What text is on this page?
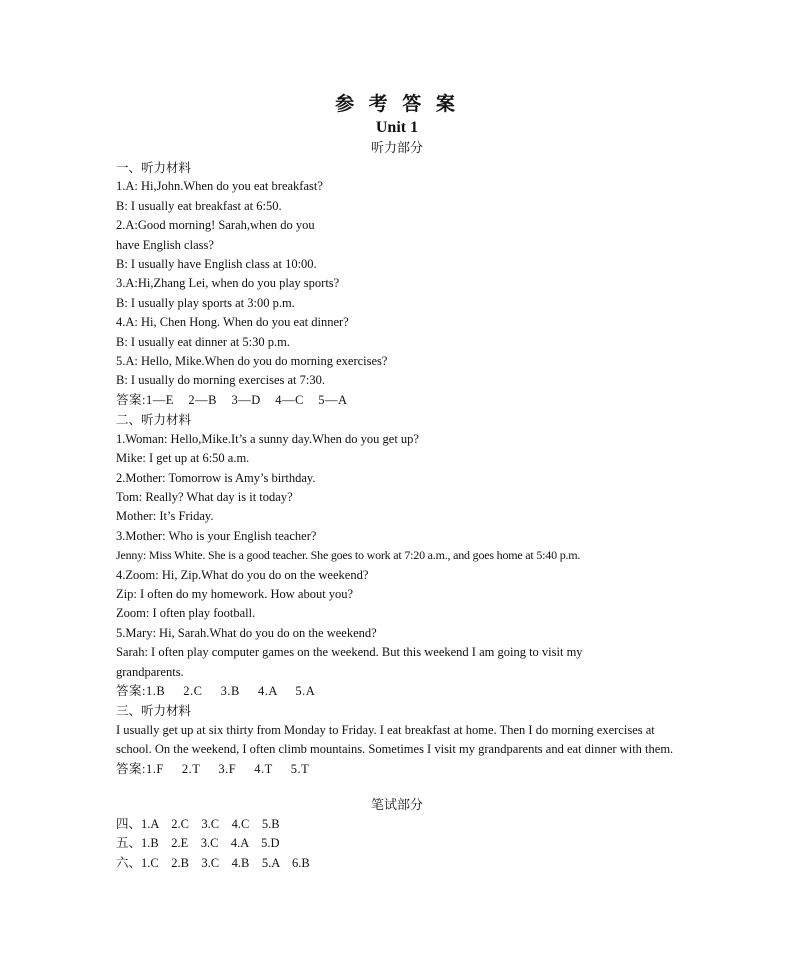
参 考 答 案
Unit 1
听力部分
一、听力材料
1.A: Hi,John.When do you eat breakfast?
B: I usually eat breakfast at 6:50.
2.A:Good morning! Sarah,when do you
have English class?
B: I usually have English class at 10:00.
3.A:Hi,Zhang Lei, when do you play sports?
B: I usually play sports at 3:00 p.m.
4.A: Hi, Chen Hong. When do you eat dinner?
B: I usually eat dinner at 5:30 p.m.
5.A: Hello, Mike.When do you do morning exercises?
B: I usually do morning exercises at 7:30.
答案:1—E    2—B    3—D    4—C    5—A
二、听力材料
1.Woman: Hello,Mike.It’s a sunny day.When do you get up?
Mike: I get up at 6:50 a.m.
2.Mother: Tomorrow is Amy’s birthday.
Tom: Really? What day is it today?
Mother: It’s Friday.
3.Mother: Who is your English teacher?
Jenny: Miss White. She is a good teacher. She goes to work at 7:20 a.m., and goes home at 5:40 p.m.
4.Zoom: Hi, Zip.What do you do on the weekend?
Zip: I often do my homework. How about you?
Zoom: I often play football.
5.Mary: Hi, Sarah.What do you do on the weekend?
Sarah: I often play computer games on the weekend. But this weekend I am going to visit my grandparents.
答案:1.B     2.C     3.B     4.A     5.A
三、听力材料
I usually get up at six thirty from Monday to Friday. I eat breakfast at home. Then I do morning exercises at school. On the weekend, I often climb mountains. Sometimes I visit my grandparents and eat dinner with them.
答案:1.F     2.T     3.F     4.T     5.T
笔试部分
四、1.A    2.C    3.C    4.C    5.B
五、1.B    2.E    3.C    4.A    5.D
六、1.C    2.B    3.C    4.B    5.A    6.B
